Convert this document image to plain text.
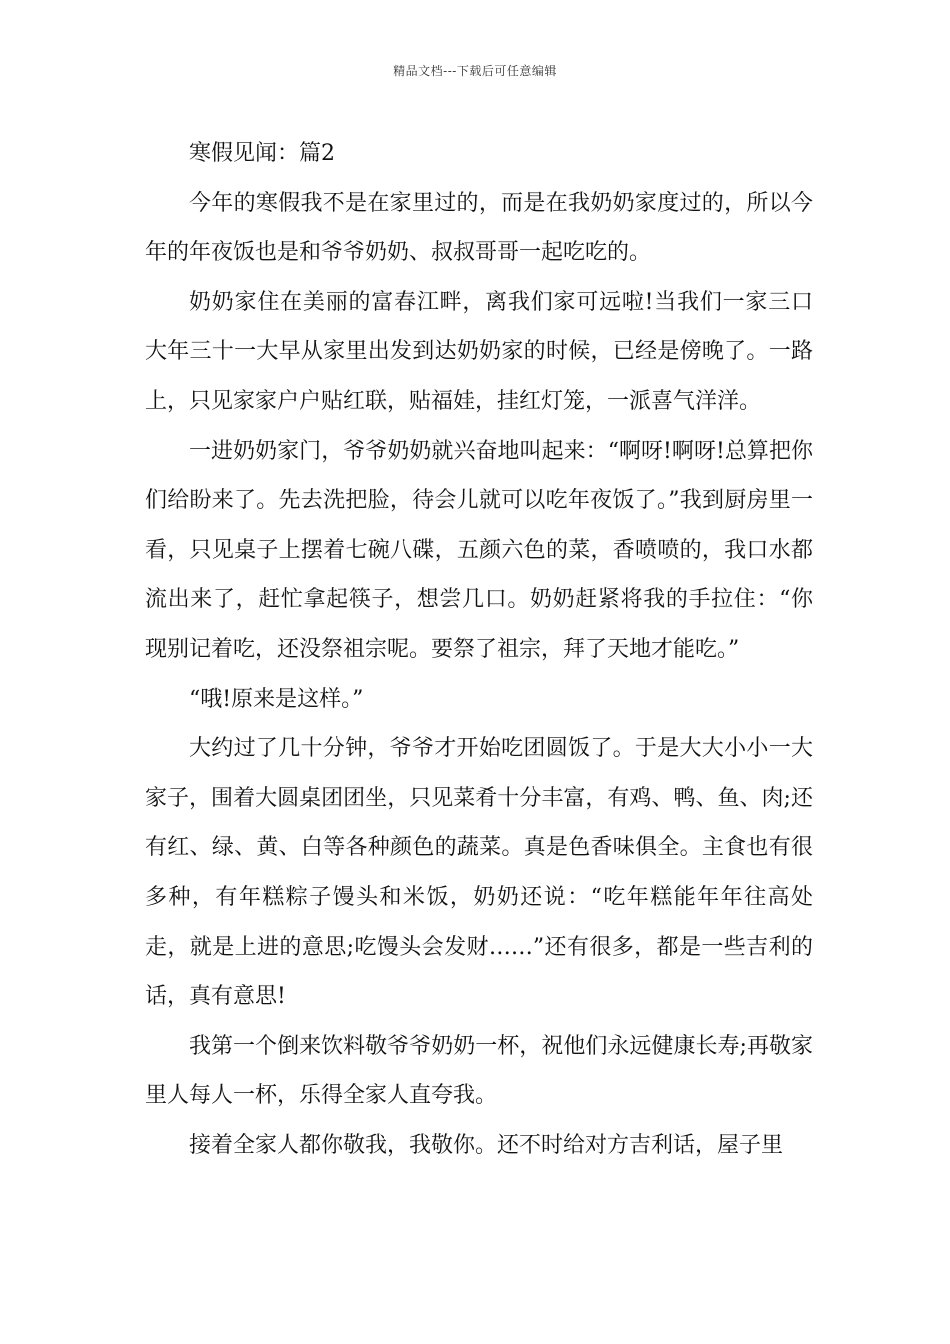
精品文档---下载后可任意编辑

寒假见闻：篇2

今年的寒假我不是在家里过的，而是在我奶奶家度过的，所以今年的年夜饭也是和爷爷奶奶、叔叔哥哥一起吃吃的。

奶奶家住在美丽的富春江畔，离我们家可远啦!当我们一家三口大年三十一大早从家里出发到达奶奶家的时候，已经是傍晚了。一路上，只见家家户户贴红联，贴福娃，挂红灯笼，一派喜气洋洋。

一进奶奶家门，爷爷奶奶就兴奋地叫起来：“啊呀!啊呀!总算把你们给盼来了。先去洗把脸，待会儿就可以吃年夜饭了。”我到厨房里一看，只见桌子上摆着七碗八碟，五颜六色的菜，香喷喷的，我口水都流出来了，赶忙拿起筷子，想尝几口。奶奶赶紧将我的手拉住：“你现别记着吃，还没祭祖宗呢。要祭了祖宗，拜了天地才能吃。”

“哦!原来是这样。”

大约过了几十分钟，爷爷才开始吃团圆饭了。于是大大小小一大家子，围着大圆桌团团坐，只见菜肴十分丰富，有鸡、鸭、鱼、肉;还有红、绿、黄、白等各种颜色的蔬菜。真是色香味俱全。主食也有很多种，有年糕粽子馒头和米饭，奶奶还说：“吃年糕能年年往高处走，就是上进的意思;吃馒头会发财……”还有很多，都是一些吉利的话，真有意思!

我第一个倒来饮料敬爷爷奶奶一杯，祝他们永远健康长寿;再敬家里人每人一杯，乐得全家人直夸我。

接着全家人都你敬我，我敬你。还不时给对方吉利话，屋子里
